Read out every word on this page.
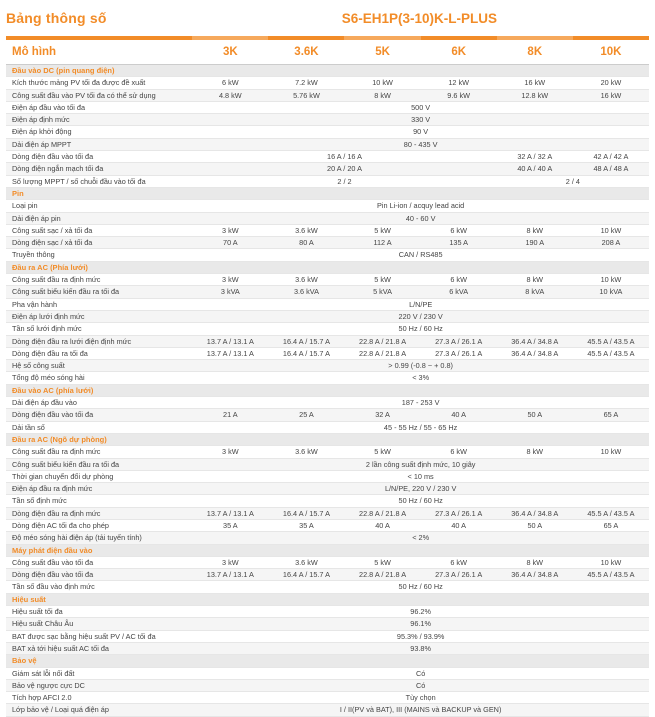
Bảng thông số	S6-EH1P(3-10)K-L-PLUS
Mô hình	3K	3.6K	5K	6K	8K	10K
Đầu vào DC (pin quang điện)						
Kích thước mảng PV tối đa được đề xuất	6 kW	7.2 kW	10 kW	12 kW	16 kW	20 kW
Công suất đầu vào PV tối đa có thể sử dụng	4.8 kW	5.76 kW	8 kW	9.6 kW	12.8 kW	16 kW
Điện áp đầu vào tối đa	500 V					
Điện áp định mức	330 V					
Điện áp khởi động	90 V					
Dải điện áp MPPT	80 - 435 V					
Dòng điện đầu vào tối đa	16 A / 16 A				32 A / 32 A	42 A / 42 A
Dòng điện ngắn mạch tối đa	20 A / 20 A				40 A / 40 A	48 A / 48 A
Số lượng MPPT / số chuỗi đầu vào tối đa	2 / 2				2 / 4	
Pin						
Loại pin	Pin Li-ion / acquy lead acid					
Dải điện áp pin	40 - 60 V					
Công suất sạc / xả tối đa	3 kW	3.6 kW	5 kW	6 kW	8 kW	10 kW
Dòng điện sạc / xả tối đa	70 A	80 A	112 A	135 A	190 A	208 A
Truyền thông	CAN / RS485					
Đầu ra AC (Phía lưới)						
Công suất đầu ra định mức	3 kW	3.6 kW	5 kW	6 kW	8 kW	10 kW
Công suất biểu kiến đầu ra tối đa	3 kVA	3.6 kVA	5 kVA	6 kVA	8 kVA	10 kVA
Pha vận hành	L/N/PE					
Điện áp lưới định mức	220 V / 230 V					
Tần số lưới định mức	50 Hz / 60 Hz					
Dòng điện đầu ra lưới điện định mức	13.7 A / 13.1 A	16.4 A / 15.7 A	22.8 A / 21.8 A	27.3 A / 26.1 A	36.4 A / 34.8 A	45.5 A / 43.5 A
Dòng điện đầu ra tối đa	13.7 A / 13.1 A	16.4 A / 15.7 A	22.8 A / 21.8 A	27.3 A / 26.1 A	36.4 A / 34.8 A	45.5 A / 43.5 A
Hệ số công suất	> 0.99 (-0.8 ~ + 0.8)					
Tổng độ méo sóng hài	< 3%					
Đầu vào AC (phía lưới)						
Dải điện áp đầu vào	187 - 253 V					
Dòng điện đầu vào tối đa	21 A	25 A	32 A	40 A	50 A	65 A
Dải tần số	45 - 55 Hz / 55 - 65 Hz					
Đầu ra AC (Ngõ dự phòng)						
Công suất đầu ra định mức	3 kW	3.6 kW	5 kW	6 kW	8 kW	10 kW
Công suất biểu kiến đầu ra tối đa	2 lần công suất định mức, 10 giây					
Thời gian chuyển đổi dự phòng	< 10 ms					
Điện áp đầu ra định mức	L/N/PE, 220 V / 230 V					
Tần số định mức	50 Hz / 60 Hz					
Dòng điện đầu ra định mức	13.7 A / 13.1 A	16.4 A / 15.7 A	22.8 A / 21.8 A	27.3 A / 26.1 A	36.4 A / 34.8 A	45.5 A / 43.5 A
Dòng điện AC tối đa cho phép	35 A	35 A	40 A	40 A	50 A	65 A
Độ méo sóng hài điện áp (tải tuyến tính)	< 2%					
Máy phát điện đầu vào						
Công suất đầu vào tối đa	3 kW	3.6 kW	5 kW	6 kW	8 kW	10 kW
Dòng điện đầu vào tối đa	13.7 A / 13.1 A	16.4 A / 15.7 A	22.8 A / 21.8 A	27.3 A / 26.1 A	36.4 A / 34.8 A	45.5 A / 43.5 A
Tần số đầu vào định mức	50 Hz / 60 Hz					
Hiệu suất						
Hiệu suất tối đa	96.2%					
Hiệu suất Châu Âu	96.1%					
BAT được sạc bằng hiệu suất PV / AC tối đa	95.3% / 93.9%					
BAT xả tới hiệu suất AC tối đa	93.8%					
Bảo vệ						
Giám sát lỗi nối đất	Có					
Bảo vệ ngược cực DC	Có					
Tích hợp AFCI 2.0	Tùy chọn					
Lớp bảo vệ / Loại quá điện áp	I / II(PV và BAT), III (MAINS và BACKUP và GEN)					
